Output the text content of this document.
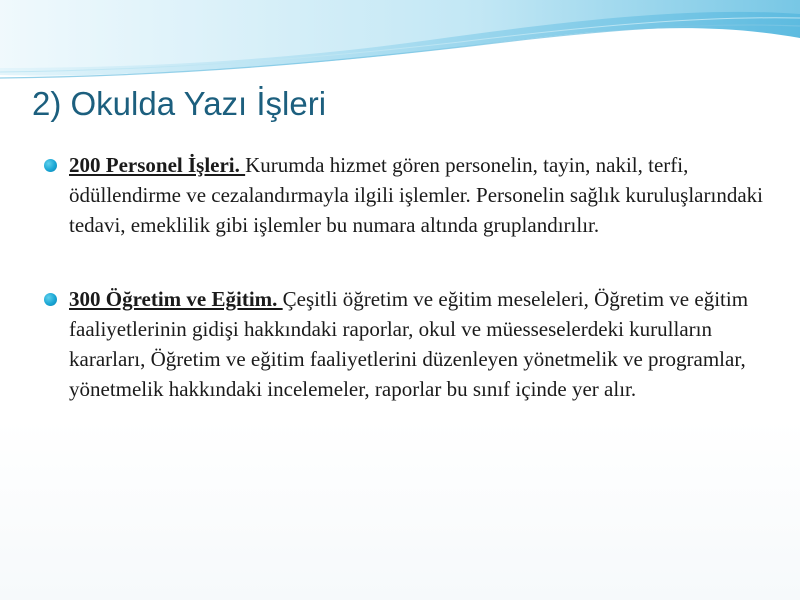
2) Okulda Yazı İşleri
200 Personel İşleri. Kurumda hizmet gören personelin, tayin, nakil, terfi, ödüllendirme ve cezalandırmayla ilgili işlemler. Personelin sağlık kuruluşlarındaki tedavi, emeklilik gibi işlemler bu numara altında gruplandırılır.
300 Öğretim ve Eğitim. Çeşitli öğretim ve eğitim meseleleri, Öğretim ve eğitim faaliyetlerinin gidişi hakkındaki raporlar, okul ve müesseselerdeki kurulların kararları, Öğretim ve eğitim faaliyetlerini düzenleyen yönetmelik ve programlar, yönetmelik hakkındaki incelemeler, raporlar bu sınıf içinde yer alır.
